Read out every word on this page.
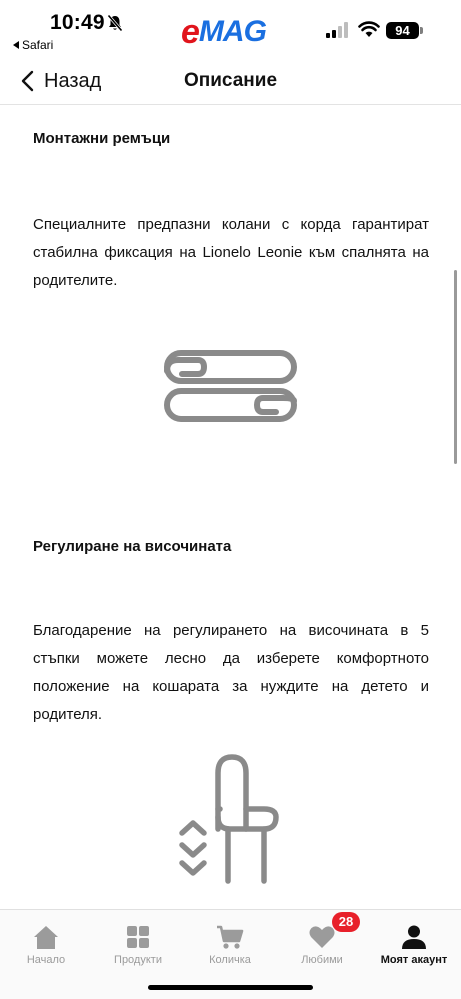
10:49
Safari	e MAG	94
Описание
Назад
Монтажни ремъци
Специалните предпазни колани с корда гарантират стабилна фиксация на Lionelo Leonie към спалнята на родителите.
Регулиране на височината
Благодарение на регулирането на височината в 5 стъпки можете лесно да изберете комфортното положение на кошарата за нуждите на детето и родителя.
Начало	Продукти	Количка	Любими	Моят акаунт
28
